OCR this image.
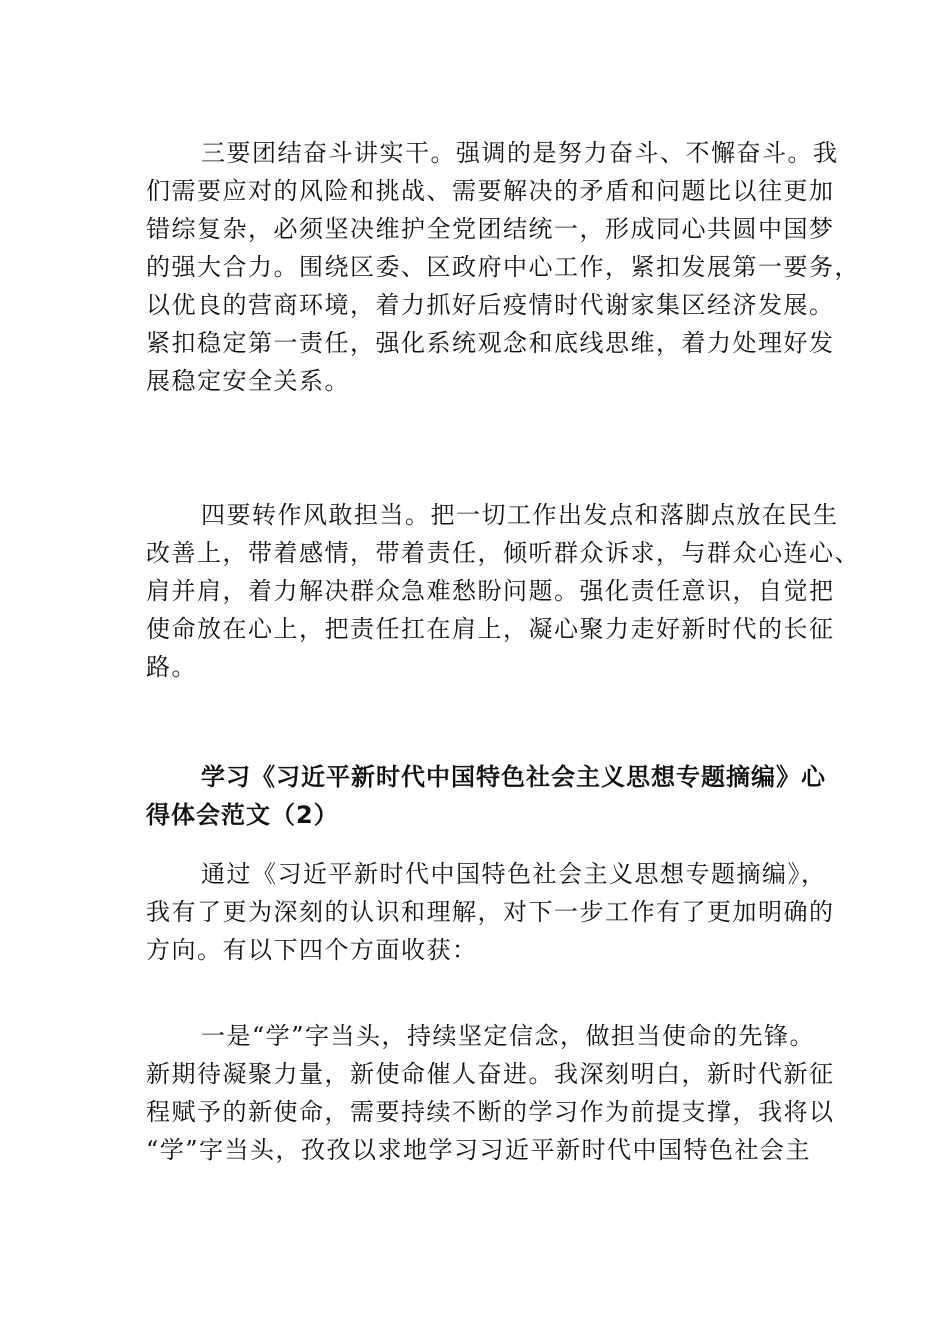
三要团结奋斗讲实干。强调的是努力奋斗、不懈奋斗。我
们需要应对的风险和挑战、需要解决的矛盾和问题比以往更加
错综复杂，必须坚决维护全党团结统一，形成同心共圆中国梦
的强大合力。围绕区委、区政府中心工作，紧扣发展第一要务，
以优良的营商环境，着力抓好后疫情时代谢家集区经济发展。
紧扣稳定第一责任，强化系统观念和底线思维，着力处理好发
展稳定安全关系。

四要转作风敢担当。把一切工作出发点和落脚点放在民生
改善上，带着感情，带着责任，倾听群众诉求，与群众心连心、
肩并肩，着力解决群众急难愁盼问题。强化责任意识，自觉把
使命放在心上，把责任扛在肩上，凝心聚力走好新时代的长征
路。

学习《习近平新时代中国特色社会主义思想专题摘编》心
得体会范文（2）

通过《习近平新时代中国特色社会主义思想专题摘编》，
我有了更为深刻的认识和理解，对下一步工作有了更加明确的
方向。有以下四个方面收获：

一是“学”字当头，持续坚定信念，做担当使命的先锋。
新期待凝聚力量，新使命催人奋进。我深刻明白，新时代新征
程赋予的新使命，需要持续不断的学习作为前提支撑，我将以
“学”字当头，孜孜以求地学习习近平新时代中国特色社会主
